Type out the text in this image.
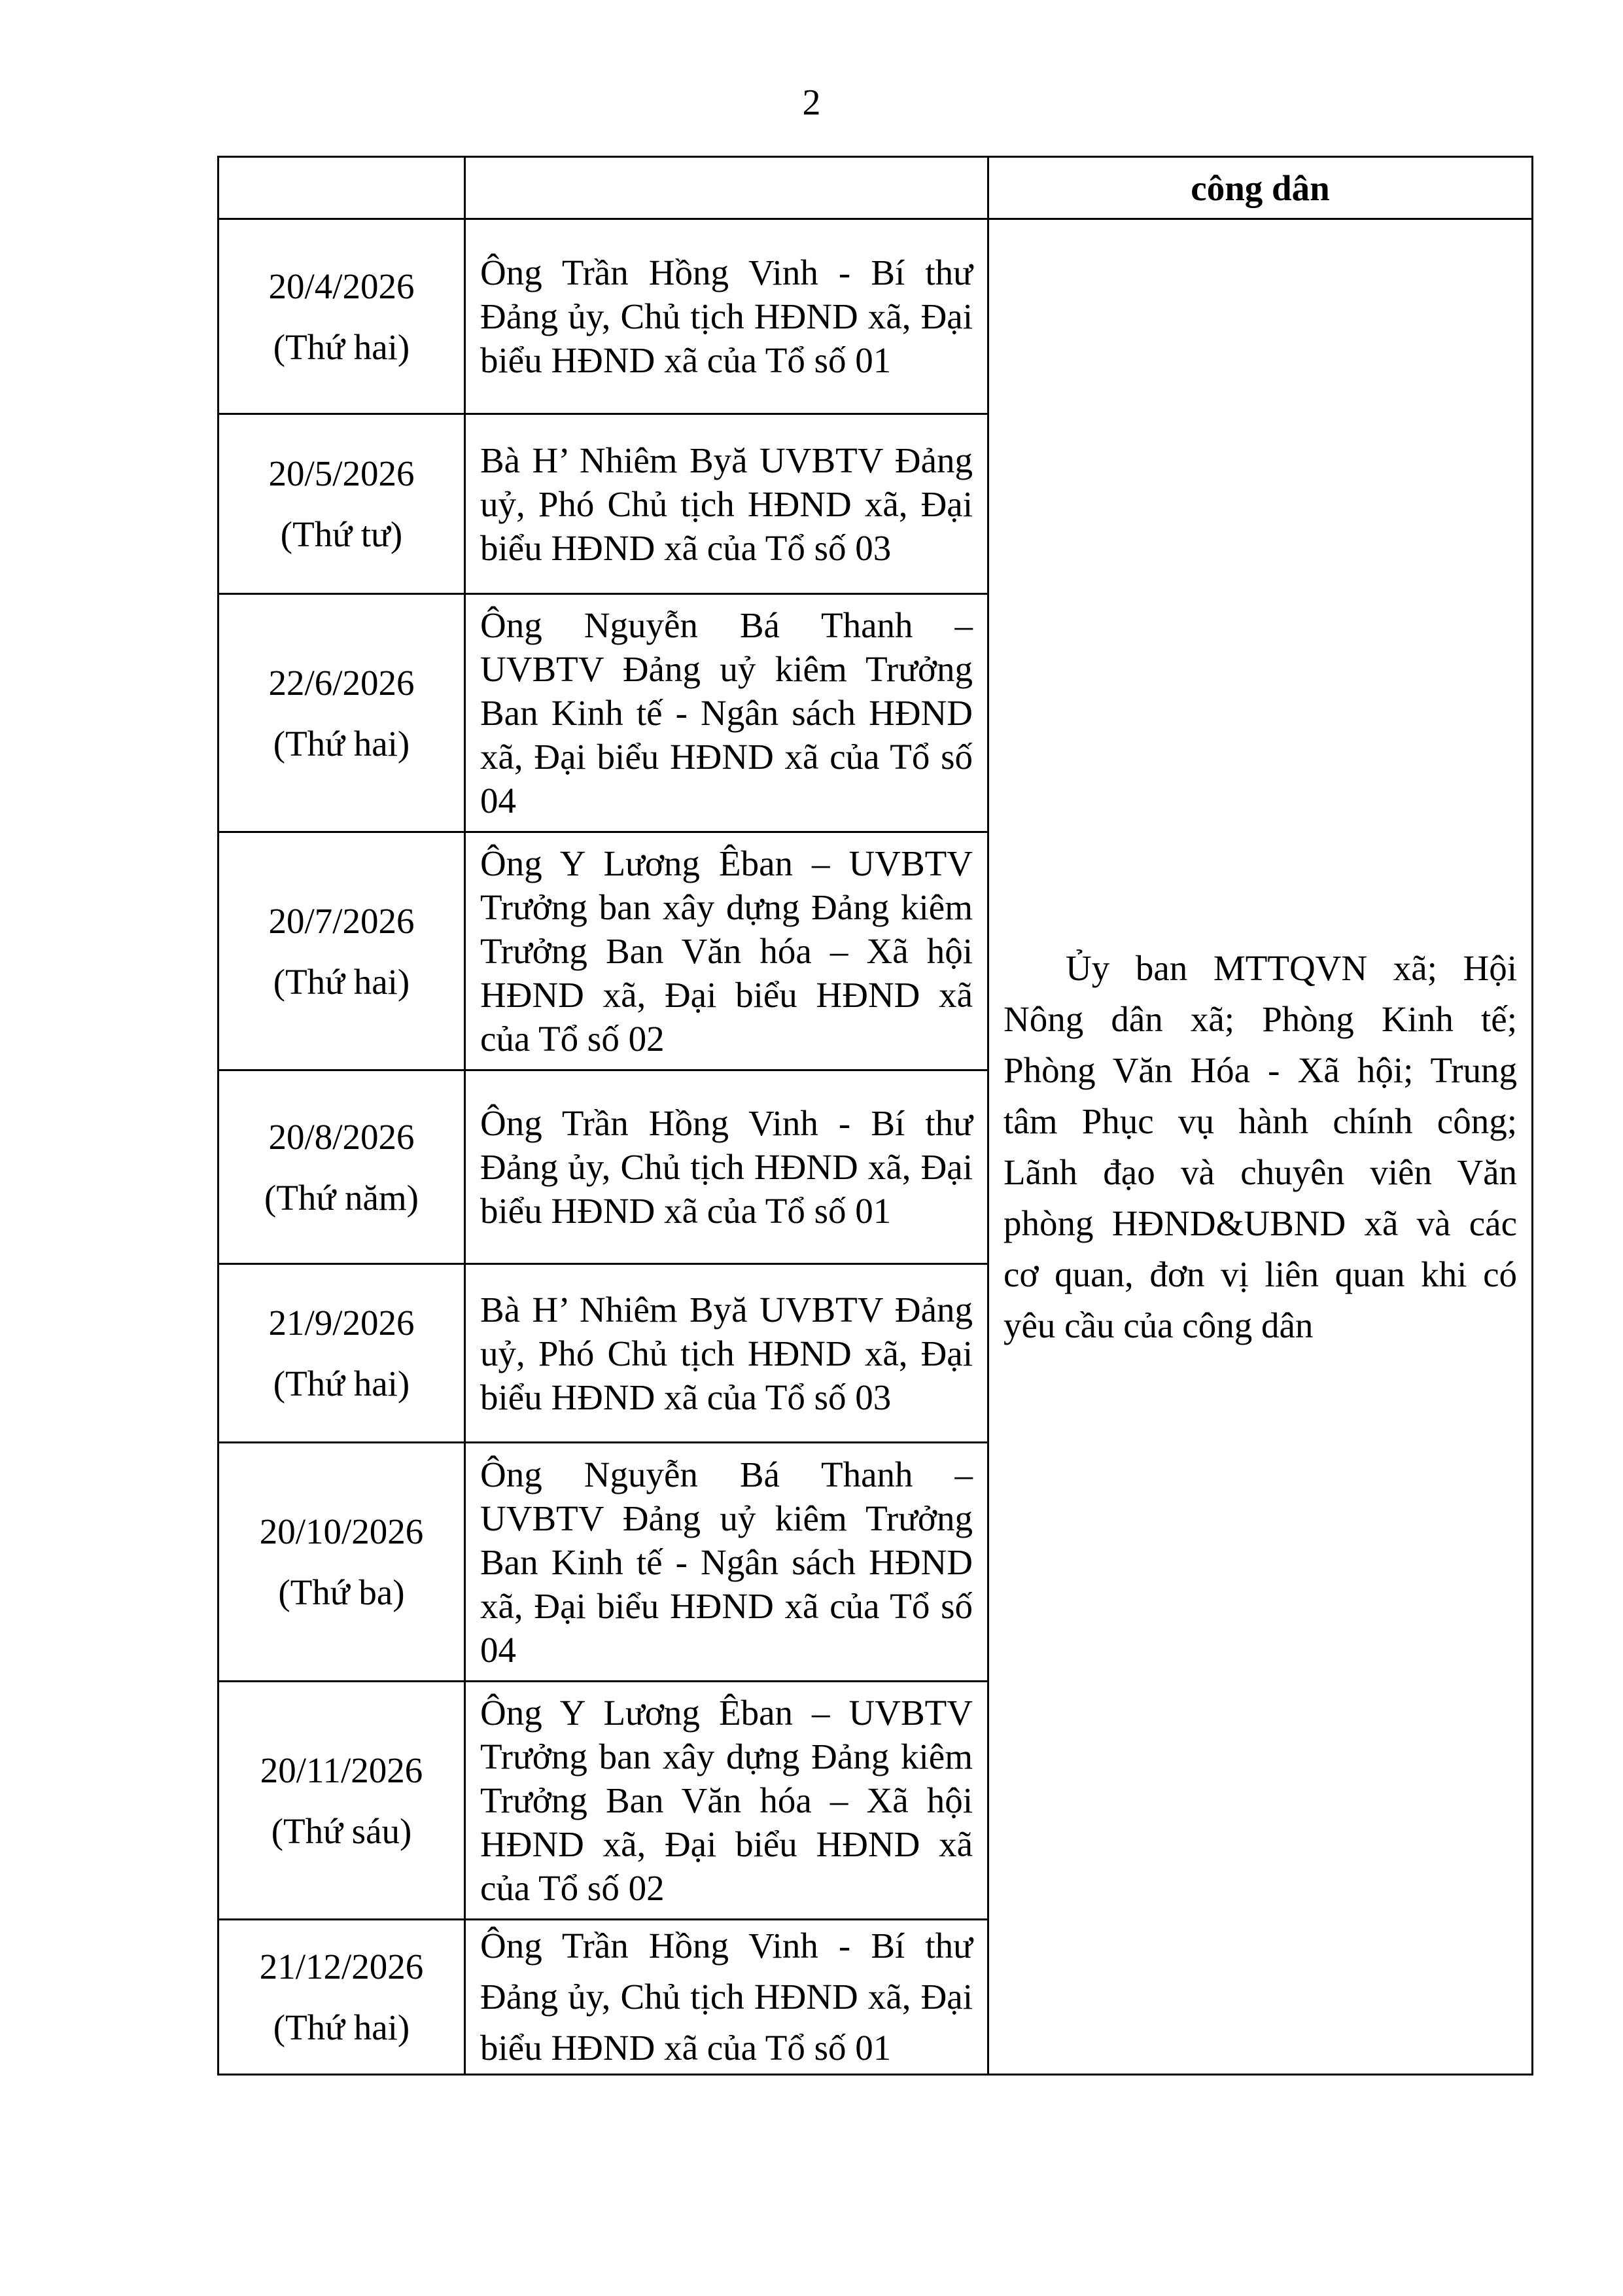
2
		công dân

20/4/2026
(Thứ hai)	Ông Trần Hồng Vinh - Bí thư Đảng ủy, Chủ tịch HĐND xã, Đại biểu HĐND xã của Tổ số 01	Ủy ban MTTQVN xã; Hội Nông dân xã; Phòng Kinh tế; Phòng Văn Hóa - Xã hội; Trung tâm Phục vụ hành chính công; Lãnh đạo và chuyên viên Văn phòng HĐND&UBND xã và các cơ quan, đơn vị liên quan khi có yêu cầu của công dân

20/5/2026
(Thứ tư)	Bà H’ Nhiêm Byă UVBTV Đảng uỷ, Phó Chủ tịch HĐND xã, Đại biểu HĐND xã của Tổ số 03	

22/6/2026
(Thứ hai)	Ông Nguyễn Bá Thanh – UVBTV Đảng uỷ kiêm Trưởng Ban Kinh tế - Ngân sách HĐND xã, Đại biểu HĐND xã của Tổ số 04	

20/7/2026
(Thứ hai)	Ông Y Lương Êban – UVBTV Trưởng ban xây dựng Đảng kiêm Trưởng Ban Văn hóa – Xã hội HĐND xã, Đại biểu HĐND xã của Tổ số 02	

20/8/2026
(Thứ năm)	Ông Trần Hồng Vinh - Bí thư Đảng ủy, Chủ tịch HĐND xã, Đại biểu HĐND xã của Tổ số 01	

21/9/2026
(Thứ hai)	Bà H’ Nhiêm Byă UVBTV Đảng uỷ, Phó Chủ tịch HĐND xã, Đại biểu HĐND xã của Tổ số 03	

20/10/2026
(Thứ ba)	Ông Nguyễn Bá Thanh – UVBTV Đảng uỷ kiêm Trưởng Ban Kinh tế - Ngân sách HĐND xã, Đại biểu HĐND xã của Tổ số 04	

20/11/2026
(Thứ sáu)	Ông Y Lương Êban – UVBTV Trưởng ban xây dựng Đảng kiêm Trưởng Ban Văn hóa – Xã hội HĐND xã, Đại biểu HĐND xã của Tổ số 02	

21/12/2026
(Thứ hai)	Ông Trần Hồng Vinh - Bí thư Đảng ủy, Chủ tịch HĐND xã, Đại biểu HĐND xã của Tổ số 01	
